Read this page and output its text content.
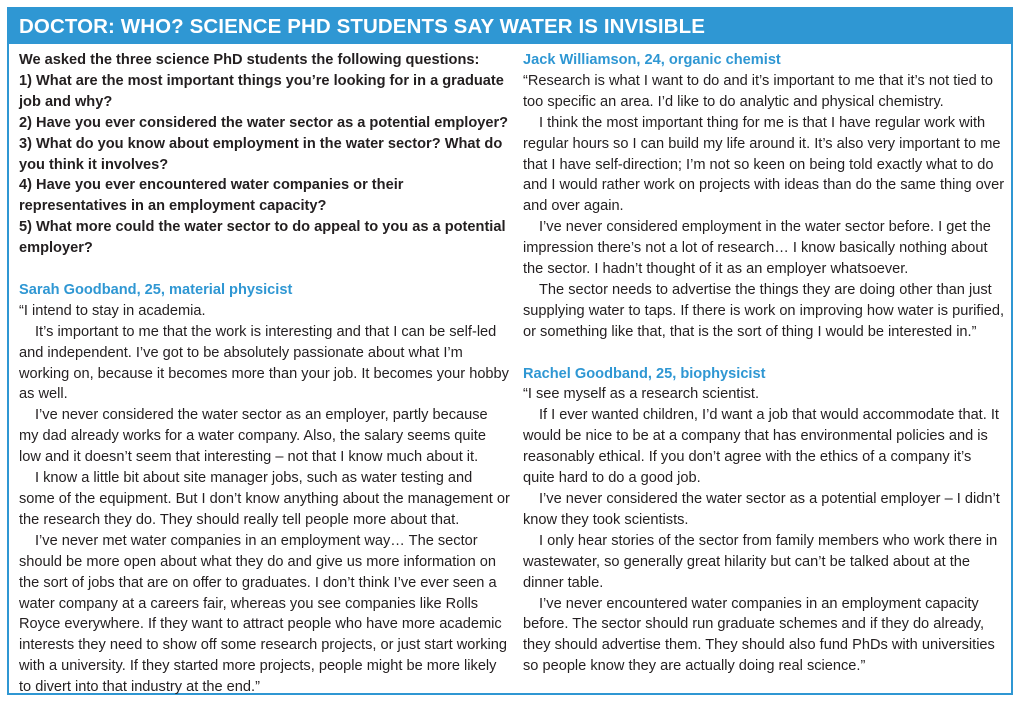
DOCTOR: WHO? SCIENCE PHD STUDENTS SAY WATER IS INVISIBLE

We asked the three science PhD students the following questions:

1) What are the most important things you’re looking for in a graduate job and why?

2) Have you ever considered the water sector as a potential employer?

3) What do you know about employment in the water sector? What do you think it involves?

4) Have you ever encountered water companies or their representatives in an employment capacity?

5) What more could the water sector to do appeal to you as a potential employer?

Sarah Goodband, 25, material physicist

“I intend to stay in academia.

It’s important to me that the work is interesting and that I can be self-led and independent. I’ve got to be absolutely passionate about what I’m working on, because it becomes more than your job. It becomes your hobby as well.

I’ve never considered the water sector as an employer, partly because my dad already works for a water company. Also, the salary seems quite low and it doesn’t seem that interesting – not that I know much about it.

I know a little bit about site manager jobs, such as water testing and some of the equipment. But I don’t know anything about the management or the research they do. They should really tell people more about that.

I’ve never met water companies in an employment way… The sector should be more open about what they do and give us more information on the sort of jobs that are on offer to graduates. I don’t think I’ve ever seen a water company at a careers fair, whereas you see companies like Rolls Royce everywhere. If they want to attract people who have more academic interests they need to show off some research projects, or just start working with a university. If they started more projects, people might be more likely to divert into that industry at the end.”

Jack Williamson, 24, organic chemist

“Research is what I want to do and it’s important to me that it’s not tied to too specific an area. I’d like to do analytic and physical chemistry.

I think the most important thing for me is that I have regular work with regular hours so I can build my life around it. It’s also very important to me that I have self-direction; I’m not so keen on being told exactly what to do and I would rather work on projects with ideas than do the same thing over and over again.

I’ve never considered employment in the water sector before. I get the impression there’s not a lot of research… I know basically nothing about the sector. I hadn’t thought of it as an employer whatsoever.

The sector needs to advertise the things they are doing other than just supplying water to taps. If there is work on improving how water is purified, or something like that, that is the sort of thing I would be interested in.”

Rachel Goodband, 25, biophysicist

“I see myself as a research scientist.

If I ever wanted children, I’d want a job that would accommodate that. It would be nice to be at a company that has environmental policies and is reasonably ethical. If you don’t agree with the ethics of a company it’s quite hard to do a good job.

I’ve never considered the water sector as a potential employer – I didn’t know they took scientists.

I only hear stories of the sector from family members who work there in wastewater, so generally great hilarity but can’t be talked about at the dinner table.

I’ve never encountered water companies in an employment capacity before. The sector should run graduate schemes and if they do already, they should advertise them. They should also fund PhDs with universities so people know they are actually doing real science.”
